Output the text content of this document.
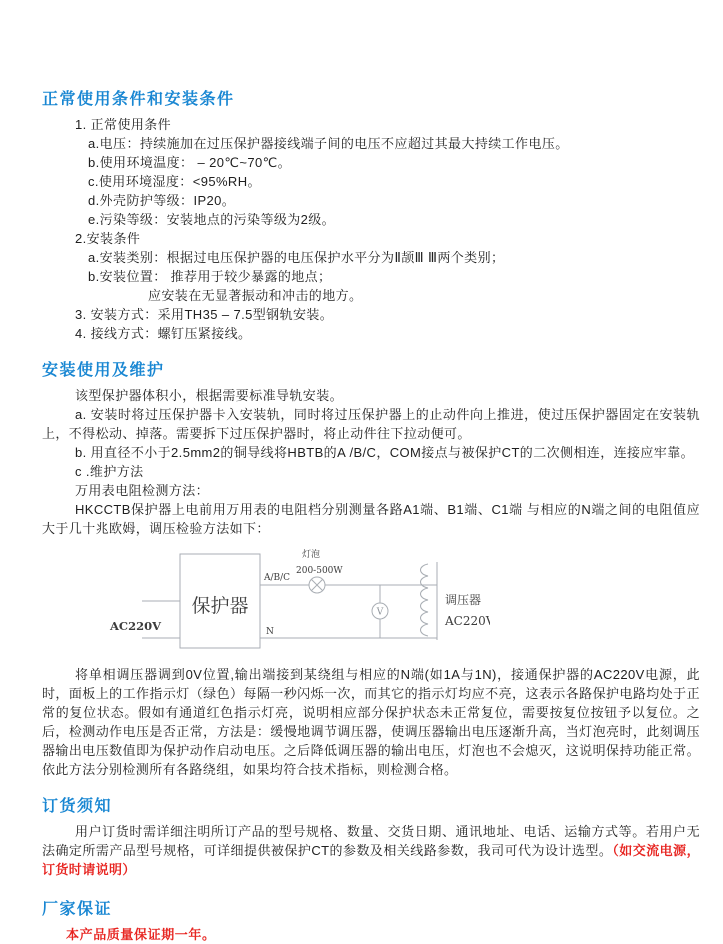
正常使用条件和安装条件
1. 正常使用条件
a.电压：持续施加在过压保护器接线端子间的电压不应超过其最大持续工作电压。
b.使用环境温度： – 20℃~70℃。
c.使用环境湿度：<95%RH。
d.外壳防护等级：IP20。
e.污染等级：安装地点的污染等级为2级。
2.安装条件
a.安装类别：根据过电压保护器的电压保护水平分为Ⅱ颉Ⅲ Ⅲ两个类别；
b.安装位置： 推荐用于较少暴露的地点；
应安装在无显著振动和冲击的地方。
3. 安装方式：采用TH35 – 7.5型钢轨安装。
4. 接线方式：螺钉压紧接线。
安装使用及维护

该型保护器体积小，根据需要标准导轨安装。

a. 安装时将过压保护器卡入安装轨，同时将过压保护器上的止动件向上推进，使过压保护器固定在安装轨上，不得松动、掉落。需要拆下过压保护器时，将止动件往下拉动便可。

b. 用直径不小于2.5mm2的铜导线将HBTB的A /B/C，COM接点与被保护CT的二次侧相连，连接应牢靠。

c .维护方法

万用表电阻检测方法：

HKCCTB保护器上电前用万用表的电阻档分别测量各路A1端、B1端、C1端 与相应的N端之间的电阻值应大于几十兆欧姆，调压检验方法如下：

AC220V
保护器
A/B/C
灯泡
200-500W
N
V
调压器
AC220V

将单相调压器调到0V位置,输出端接到某绕组与相应的N端(如1A与1N)，接通保护器的AC220V电源，此时，面板上的工作指示灯（绿色）每隔一秒闪烁一次，而其它的指示灯均应不亮，这表示各路保护电路均处于正常的复位状态。假如有通道红色指示灯亮，说明相应部分保护状态未正常复位，需要按复位按钮予以复位。之后，检测动作电压是否正常，方法是：缓慢地调节调压器，使调压器输出电压逐渐升高，当灯泡亮时，此刻调压器输出电压数值即为保护动作启动电压。之后降低调压器的输出电压，灯泡也不会熄灭，这说明保持功能正常。依此方法分别检测所有各路绕组，如果均符合技术指标，则检测合格。

订货须知

用户订货时需详细注明所订产品的型号规格、数量、交货日期、通讯地址、电话、运输方式等。若用户无法确定所需产品型号规格，可详细提供被保护CT的参数及相关线路参数，我司可代为设计选型。（如交流电源，订货时请说明）

厂家保证

本产品质量保证期一年。
